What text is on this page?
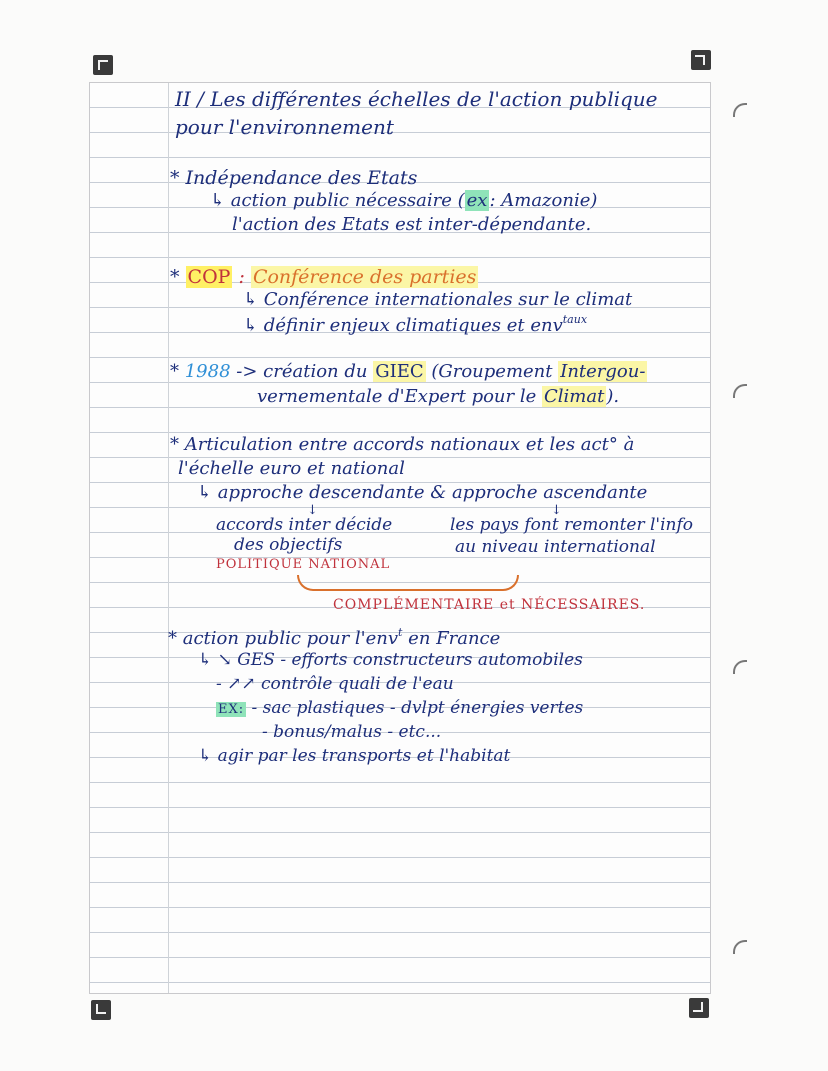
II / Les différentes échelles de l'action publique
pour l'environnement
* Indépendance des Etats
↳ action public nécessaire ( ex : Amazonie)
l'action des Etats est inter-dépendante.
* COP : Conférence des parties
↳ Conférence internationales sur le climat
↳ définir enjeux climatiques et env$^{taux}$
* 1988 -> création du GIEC (Groupement Intergou-
vernementale d'Expert pour le Climat ).
* Articulation entre accords nationaux et les act° à
l'échelle euro et national
↳ approche descendante & approche ascendante
↓	↓
accords inter décide
des objectifs
POLITIQUE NATIONAL
les pays font remonter l'info
au niveau international
COMPLÉMENTAIRE et NÉCESSAIRES.
* action public pour l'env$^t$ en France
↳ ↘ GES - efforts constructeurs automobiles
- ↗↗ contrôle quali de l'eau
EX: - sac plastiques - dvlpt énergies vertes
- bonus/malus - etc...
↳ agir par les transports et l'habitat
